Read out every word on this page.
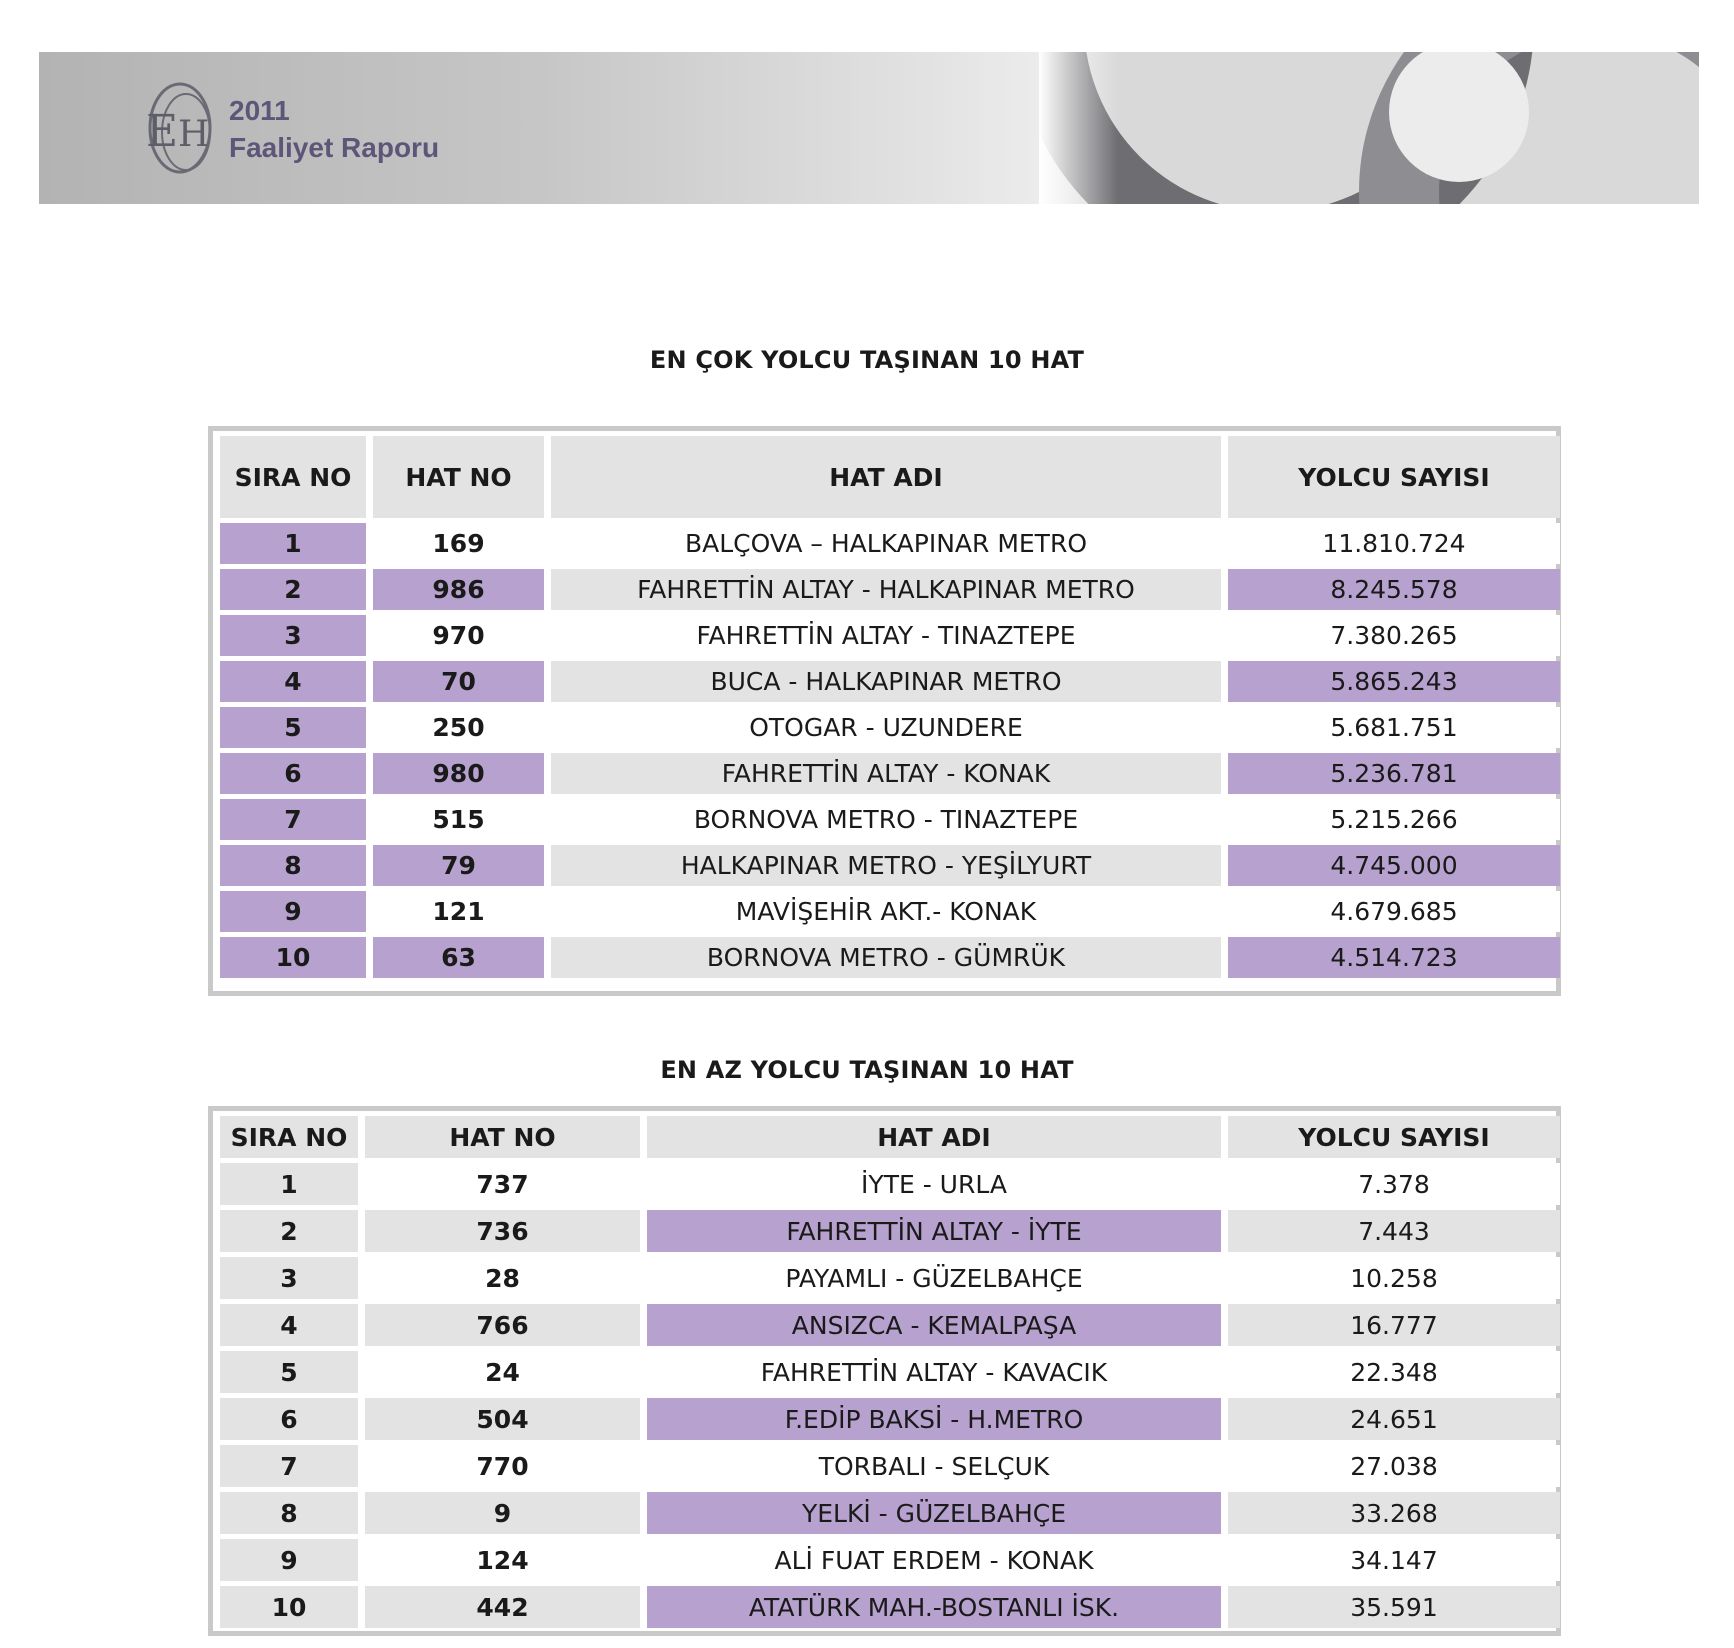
E H
2011
Faaliyet Raporu
EN ÇOK YOLCU TAŞINAN 10 HAT
SIRA NO	HAT NO	HAT ADI	YOLCU SAYISI
1	169	BALÇOVA – HALKAPINAR METRO	11.810.724
2	986	FAHRETTİN ALTAY - HALKAPINAR METRO	8.245.578
3	970	FAHRETTİN ALTAY - TINAZTEPE	7.380.265
4	70	BUCA - HALKAPINAR METRO	5.865.243
5	250	OTOGAR - UZUNDERE	5.681.751
6	980	FAHRETTİN ALTAY - KONAK	5.236.781
7	515	BORNOVA METRO - TINAZTEPE	5.215.266
8	79	HALKAPINAR METRO - YEŞİLYURT	4.745.000
9	121	MAVİŞEHİR AKT.- KONAK	4.679.685
10	63	BORNOVA METRO - GÜMRÜK	4.514.723
EN AZ YOLCU TAŞINAN 10 HAT
SIRA NO	HAT NO	HAT ADI	YOLCU SAYISI
1	737	İYTE - URLA	7.378
2	736	FAHRETTİN ALTAY - İYTE	7.443
3	28	PAYAMLI - GÜZELBAHÇE	10.258
4	766	ANSIZCA - KEMALPAŞA	16.777
5	24	FAHRETTİN ALTAY - KAVACIK	22.348
6	504	F.EDİP BAKSİ - H.METRO	24.651
7	770	TORBALI - SELÇUK	27.038
8	9	YELKİ - GÜZELBAHÇE	33.268
9	124	ALİ FUAT ERDEM - KONAK	34.147
10	442	ATATÜRK MAH.-BOSTANLI İSK.	35.591
